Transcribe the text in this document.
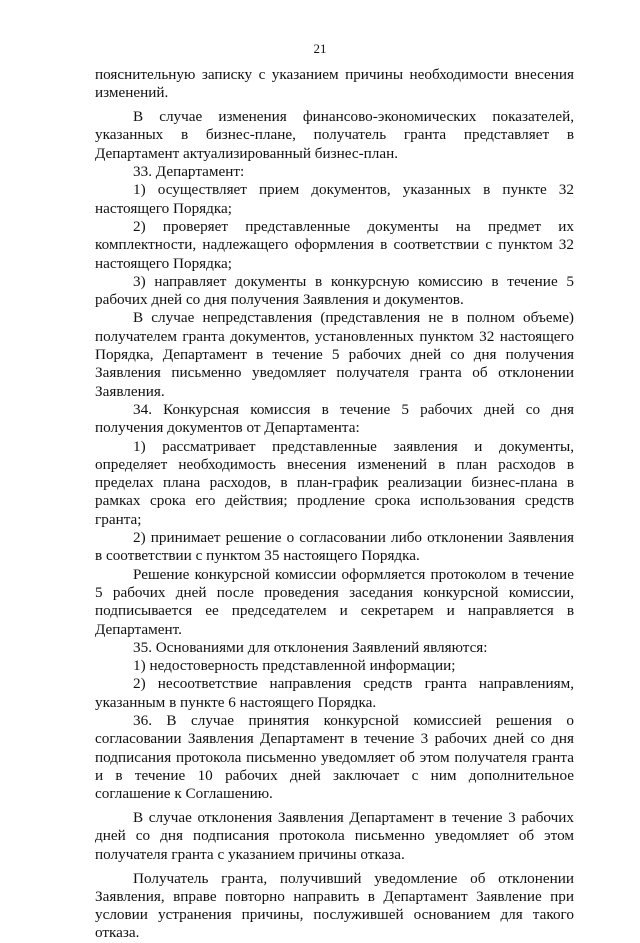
21

пояснительную записку с указанием причины необходимости внесения изменений.

В случае изменения финансово-экономических показателей, указанных в бизнес-плане, получатель гранта представляет в Департамент актуализированный бизнес-план.

33. Департамент:

1) осуществляет прием документов, указанных в пункте 32 настоящего Порядка;

2) проверяет представленные документы на предмет их комплектности, надлежащего оформления в соответствии с пунктом 32 настоящего Порядка;

3) направляет документы в конкурсную комиссию в течение 5 рабочих дней со дня получения Заявления и документов.

В случае непредставления (представления не в полном объеме) получателем гранта документов, установленных пунктом 32 настоящего Порядка, Департамент в течение 5 рабочих дней со дня получения Заявления письменно уведомляет получателя гранта об отклонении Заявления.

34. Конкурсная комиссия в течение 5 рабочих дней со дня получения документов от Департамента:

1) рассматривает представленные заявления и документы, определяет необходимость внесения изменений в план расходов в пределах плана расходов, в план-график реализации бизнес-плана в рамках срока его действия; продление срока использования средств гранта;

2) принимает решение о согласовании либо отклонении Заявления в соответствии с пунктом 35 настоящего Порядка.

Решение конкурсной комиссии оформляется протоколом в течение 5 рабочих дней после проведения заседания конкурсной комиссии, подписывается ее председателем и секретарем и направляется в Департамент.

35. Основаниями для отклонения Заявлений являются:

1) недостоверность представленной информации;

2) несоответствие направления средств гранта направлениям, указанным в пункте 6 настоящего Порядка.

36. В случае принятия конкурсной комиссией решения о согласовании Заявления Департамент в течение 3 рабочих дней со дня подписания протокола письменно уведомляет об этом получателя гранта и в течение 10 рабочих дней заключает с ним дополнительное соглашение к Соглашению.

В случае отклонения Заявления Департамент в течение 3 рабочих дней со дня подписания протокола письменно уведомляет об этом получателя гранта с указанием причины отказа.

Получатель гранта, получивший уведомление об отклонении Заявления, вправе повторно направить в Департамент Заявление при условии устранения причины, послужившей основанием для такого отказа.
